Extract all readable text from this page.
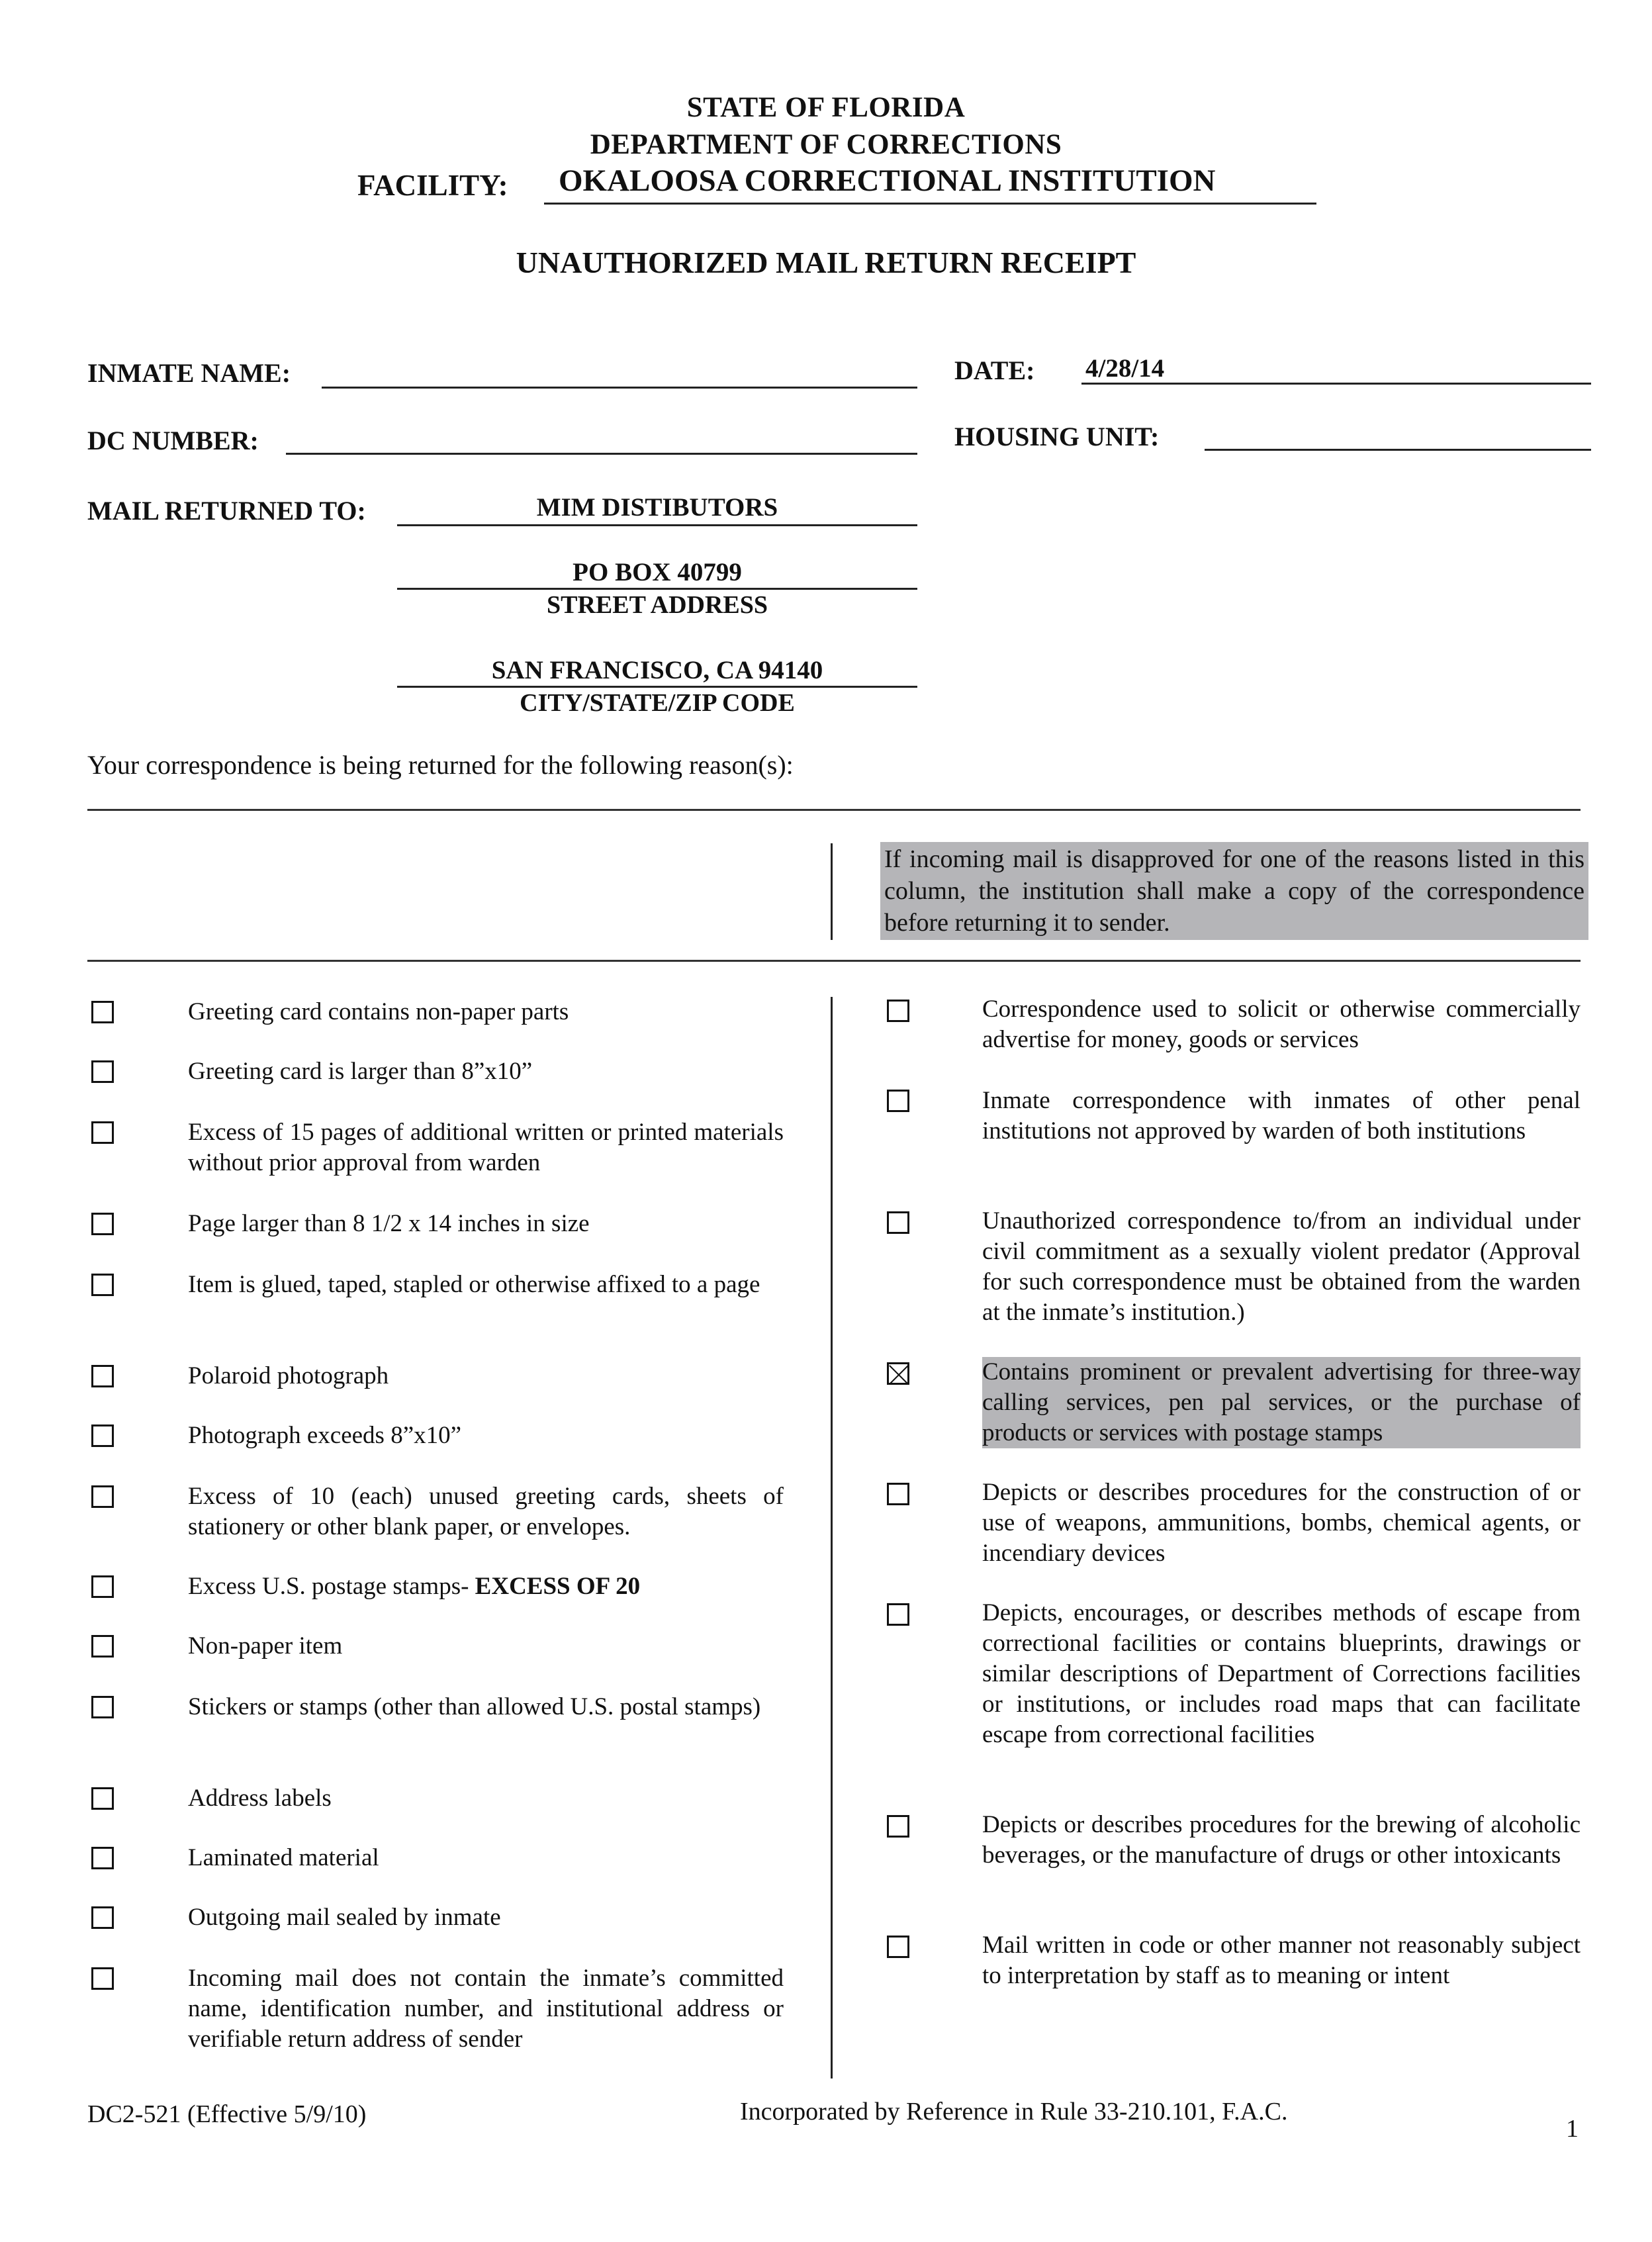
STATE OF FLORIDA
DEPARTMENT OF CORRECTIONS
FACILITY:	OKALOOSA CORRECTIONAL INSTITUTION
UNAUTHORIZED MAIL RETURN RECEIPT
INMATE NAME:	DATE: 4/28/14
DC NUMBER:	HOUSING UNIT:
MAIL RETURNED TO:	MIM DISTIBUTORS
PO BOX 40799
STREET ADDRESS
SAN FRANCISCO, CA 94140
CITY/STATE/ZIP CODE
Your correspondence is being returned for the following reason(s):
If incoming mail is disapproved for one of the reasons listed in this column, the institution shall make a copy of the correspondence before returning it to sender.
Greeting card contains non-paper parts
Greeting card is larger than 8”x10”
Excess of 15 pages of additional written or printed materials without prior approval from warden
Page larger than 8 1/2 x 14 inches in size
Item is glued, taped, stapled or otherwise affixed to a page
Polaroid photograph
Photograph exceeds 8”x10”
Excess of 10 (each) unused greeting cards, sheets of stationery or other blank paper, or envelopes.
Excess U.S. postage stamps- EXCESS OF 20
Non-paper item
Stickers or stamps (other than allowed U.S. postal stamps)
Address labels
Laminated material
Outgoing mail sealed by inmate
Incoming mail does not contain the inmate’s committed name, identification number, and institutional address or verifiable return address of sender
Correspondence used to solicit or otherwise commercially advertise for money, goods or services
Inmate correspondence with inmates of other penal institutions not approved by warden of both institutions
Unauthorized correspondence to/from an individual under civil commitment as a sexually violent predator (Approval for such correspondence must be obtained from the warden at the inmate’s institution.)
Contains prominent or prevalent advertising for three-way calling services, pen pal services, or the purchase of products or services with postage stamps
Depicts or describes procedures for the construction of or use of weapons, ammunitions, bombs, chemical agents, or incendiary devices
Depicts, encourages, or describes methods of escape from correctional facilities or contains blueprints, drawings or similar descriptions of Department of Corrections facilities or institutions, or includes road maps that can facilitate escape from correctional facilities
Depicts or describes procedures for the brewing of alcoholic beverages, or the manufacture of drugs or other intoxicants
Mail written in code or other manner not reasonably subject to interpretation by staff as to meaning or intent
DC2-521 (Effective 5/9/10)	Incorporated by Reference in Rule 33-210.101, F.A.C.
1
